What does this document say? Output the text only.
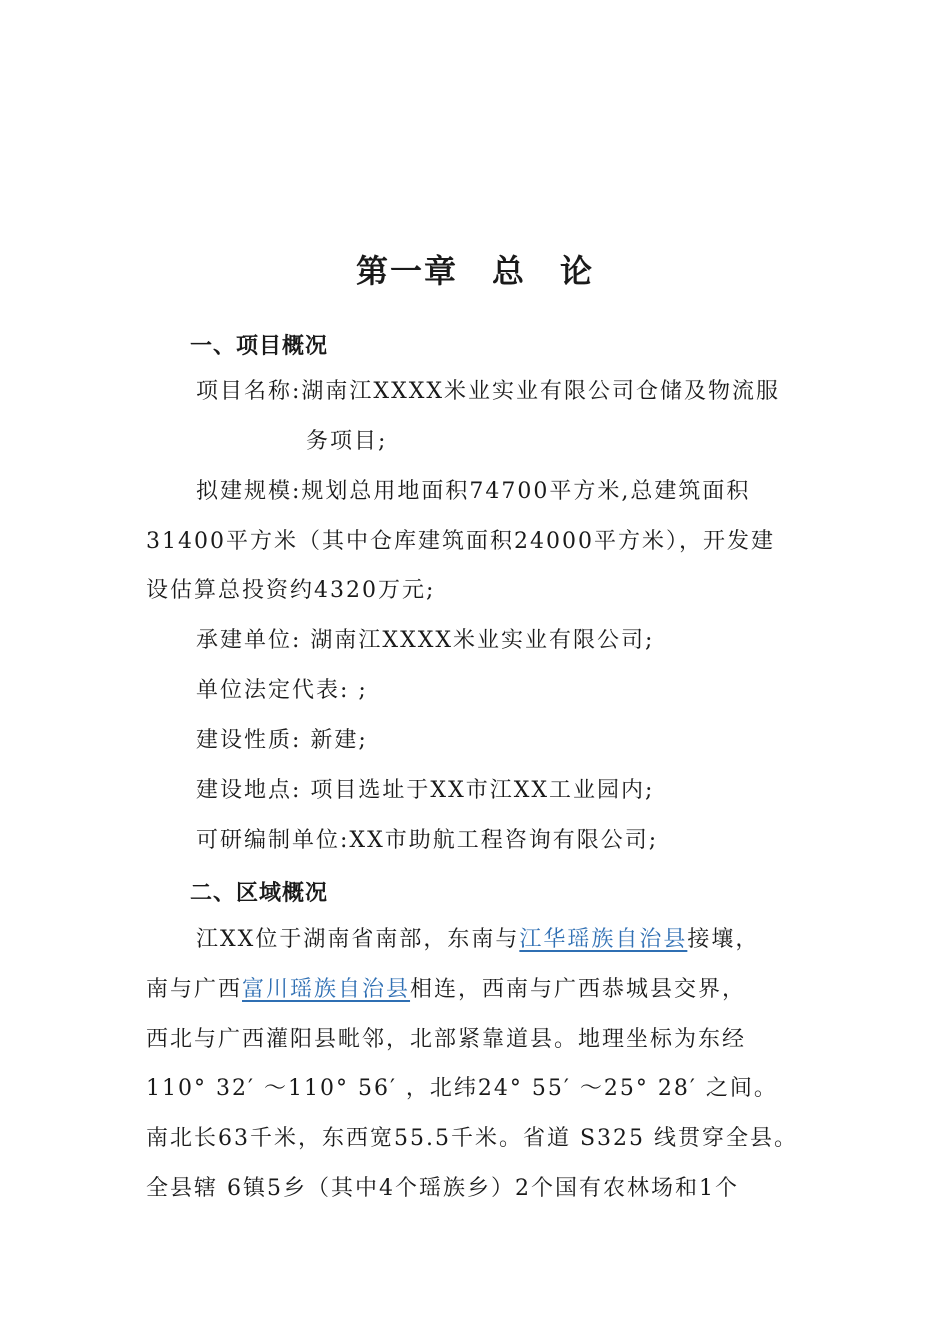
第一章 总 论
一、项目概况
项目名称:湖南江XXXX米业实业有限公司仓储及物流服
务项目;
拟建规模:规划总用地面积74700平方米,总建筑面积
31400平方米（其中仓库建筑面积24000平方米），开发建
设估算总投资约4320万元;
承建单位: 湖南江XXXX米业实业有限公司;
单位法定代表: ;
建设性质: 新建;
建设地点: 项目选址于XX市江XX工业园内;
可研编制单位:XX市助航工程咨询有限公司;
二、区域概况
江XX位于湖南省南部，东南与江华瑶族自治县接壤，
南与广西富川瑶族自治县相连，西南与广西恭城县交界，
西北与广西灌阳县毗邻，北部紧靠道县。地理坐标为东经
110° 32′ ～110° 56′ ，北纬24° 55′ ～25° 28′ 之间。
南北长63千米，东西宽55.5千米。省道 S325 线贯穿全县。
全县辖 6镇5乡（其中4个瑶族乡）2个国有农林场和1个
